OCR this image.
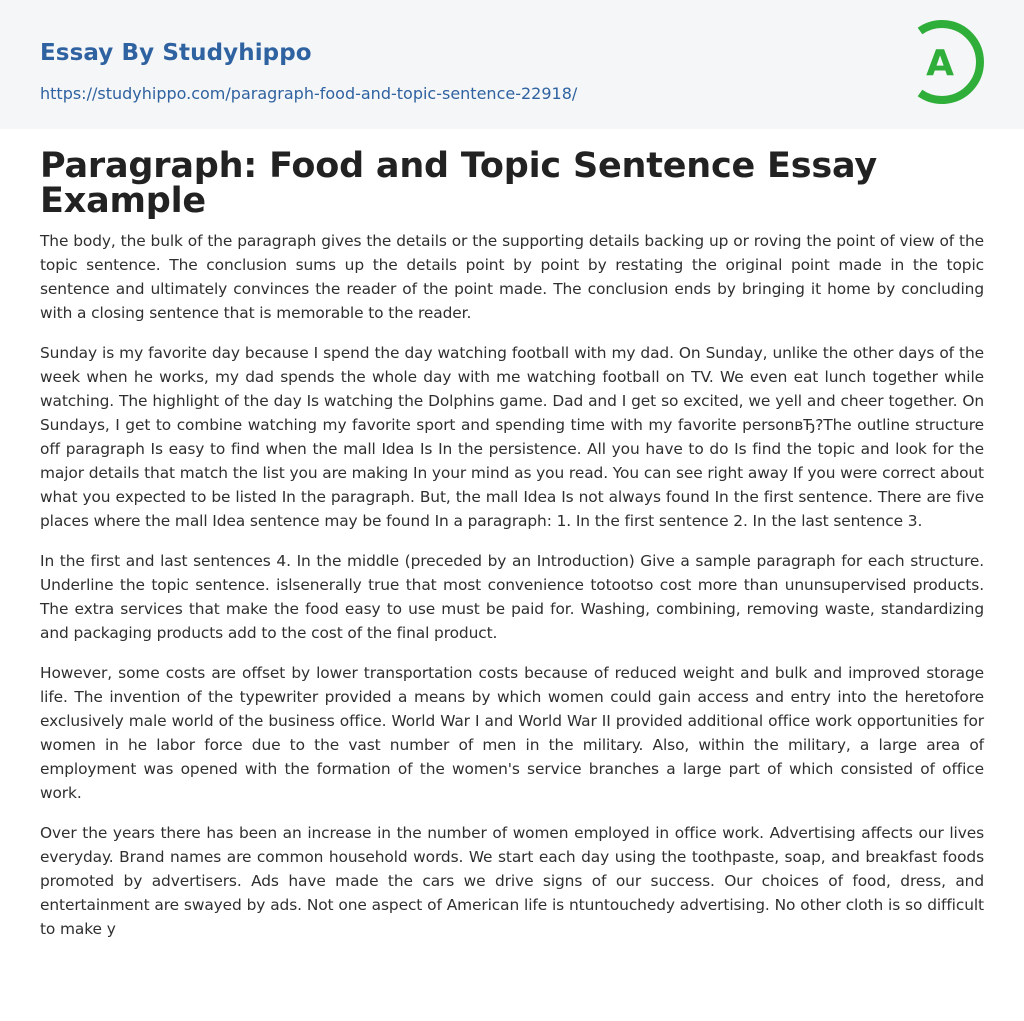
Essay By Studyhippo
https://studyhippo.com/paragraph-food-and-topic-sentence-22918/
A
Paragraph: Food and Topic Sentence Essay Example

The body, the bulk of the paragraph gives the details or the supporting details backing up or roving the point of view of the topic sentence. The conclusion sums up the details point by point by restating the original point made in the topic sentence and ultimately convinces the reader of the point made. The conclusion ends by bringing it home by concluding with a closing sentence that is memorable to the reader.

Sunday is my favorite day because I spend the day watching football with my dad. On Sunday, unlike the other days of the week when he works, my dad spends the whole day with me watching football on TV. We even eat lunch together while watching. The highlight of the day Is watching the Dolphins game. Dad and I get so excited, we yell and cheer together. On Sundays, I get to combine watching my favorite sport and spending time with my favorite personвЂ?The outline structure off paragraph Is easy to find when the mall Idea Is In the persistence. All you have to do Is find the topic and look for the major details that match the list you are making In your mind as you read. You can see right away If you were correct about what you expected to be listed In the paragraph. But, the mall Idea Is not always found In the first sentence. There are five places where the mall Idea sentence may be found In a paragraph: 1. In the first sentence 2. In the last sentence 3.

In the first and last sentences 4. In the middle (preceded by an Introduction) Give a sample paragraph for each structure. Underline the topic sentence. islsenerally true that most convenience totootso cost more than ununsupervised products. The extra services that make the food easy to use must be paid for. Washing, combining, removing waste, standardizing and packaging products add to the cost of the final product.

However, some costs are offset by lower transportation costs because of reduced weight and bulk and improved storage life. The invention of the typewriter provided a means by which women could gain access and entry into the heretofore exclusively male world of the business office. World War I and World War II provided additional office work opportunities for women in he labor force due to the vast number of men in the military. Also, within the military, a large area of employment was opened with the formation of the women's service branches a large part of which consisted of office work.

Over the years there has been an increase in the number of women employed in office work. Advertising affects our lives everyday. Brand names are common household words. We start each day using the toothpaste, soap, and breakfast foods promoted by advertisers. Ads have made the cars we drive signs of our success. Our choices of food, dress, and entertainment are swayed by ads. Not one aspect of American life is ntuntouchedy advertising. No other cloth is so difficult to make y
